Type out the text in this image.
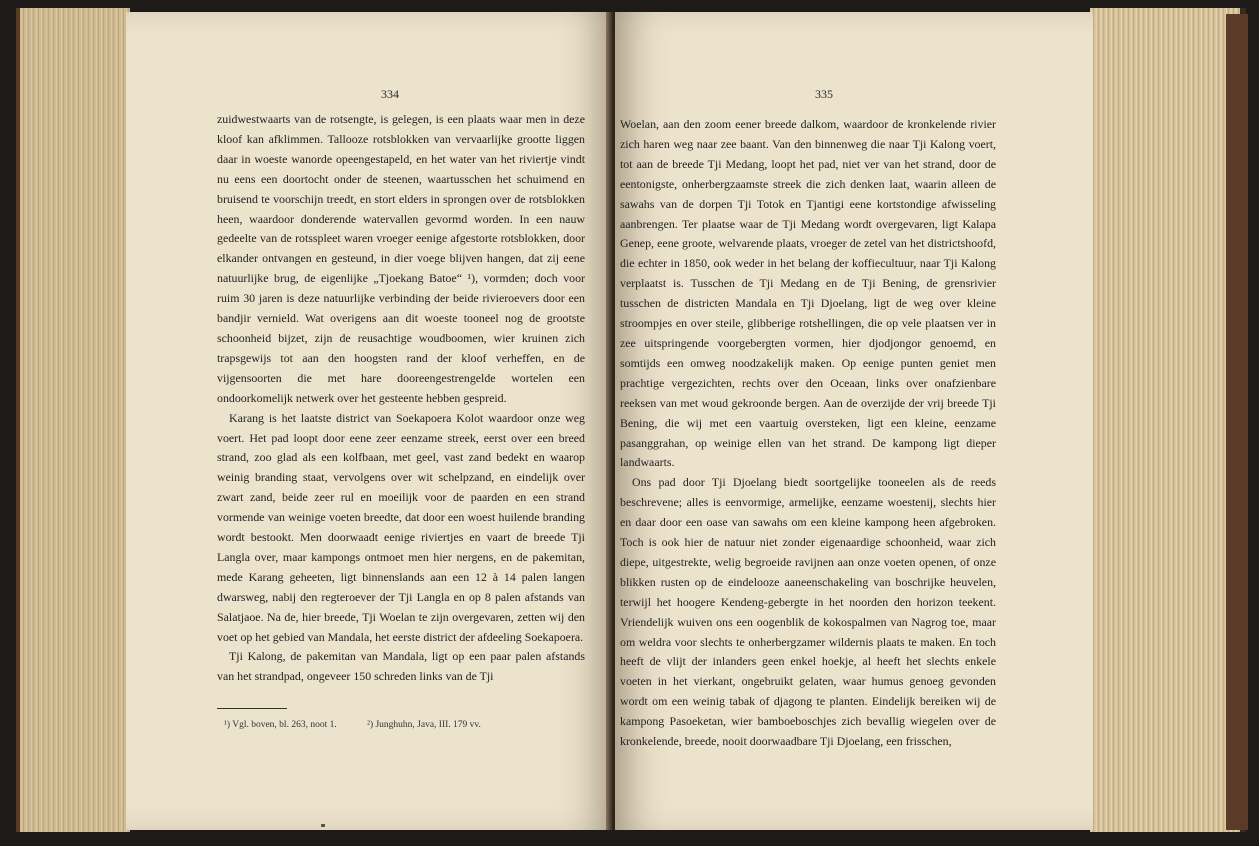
334

zuidwestwaarts van de rotsengte, is gelegen, is een plaats waar men in deze kloof kan afklimmen. Tallooze rotsblokken van vervaarlijke grootte liggen daar in woeste wanorde opeengestapeld, en het water van het riviertje vindt nu eens een doortocht onder de steenen, waartusschen het schuimend en bruisend te voorschijn treedt, en stort elders in sprongen over de rotsblokken heen, waardoor donderende watervallen gevormd worden. In een nauw gedeelte van de rotsspleet waren vroeger eenige afgestorte rotsblokken, door elkander ontvangen en gesteund, in dier voege blijven hangen, dat zij eene natuurlijke brug, de eigenlijke „Tjoekang Batoe“ ¹), vormden; doch voor ruim 30 jaren is deze natuurlijke verbinding der beide rivieroevers door een bandjir vernield. Wat overigens aan dit woeste tooneel nog de grootste schoonheid bijzet, zijn de reusachtige woudboomen, wier kruinen zich trapsgewijs tot aan den hoogsten rand der kloof verheffen, en de vijgensoorten die met hare dooreengestrengelde wortelen een ondoorkomelijk netwerk over het gesteente hebben gespreid.

Karang is het laatste district van Soekapoera Kolot waardoor onze weg voert. Het pad loopt door eene zeer eenzame streek, eerst over een breed strand, zoo glad als een kolfbaan, met geel, vast zand bedekt en waarop weinig branding staat, vervolgens over wit schelpzand, en eindelijk over zwart zand, beide zeer rul en moeilijk voor de paarden en een strand vormende van weinige voeten breedte, dat door een woest huilende branding wordt bestookt. Men doorwaadt eenige riviertjes en vaart de breede Tji Langla over, maar kampongs ontmoet men hier nergens, en de pakemitan, mede Karang geheeten, ligt binnenslands aan een 12 à 14 palen langen dwarsweg, nabij den regteroever der Tji Langla en op 8 palen afstands van Salatjaoe. Na de, hier breede, Tji Woelan te zijn overgevaren, zetten wij den voet op het gebied van Mandala, het eerste district der afdeeling Soekapoera.

Tji Kalong, de pakemitan van Mandala, ligt op een paar palen afstands van het strandpad, ongeveer 150 schreden links van de Tji

¹) Vgl. boven, bl. 263, noot 1.	²) Junghuhn, Java, III. 179 vv.
335

Woelan, aan den zoom eener breede dalkom, waardoor de kronkelende rivier zich haren weg naar zee baant. Van den binnenweg die naar Tji Kalong voert, tot aan de breede Tji Medang, loopt het pad, niet ver van het strand, door de eentonigste, onherbergzaamste streek die zich denken laat, waarin alleen de sawahs van de dorpen Tji Totok en Tjantigi eene kortstondige afwisseling aanbrengen. Ter plaatse waar de Tji Medang wordt overgevaren, ligt Kalapa Genep, eene groote, welvarende plaats, vroeger de zetel van het districtshoofd, die echter in 1850, ook weder in het belang der koffiecultuur, naar Tji Kalong verplaatst is. Tusschen de Tji Medang en de Tji Bening, de grensrivier tusschen de districten Mandala en Tji Djoelang, ligt de weg over kleine stroompjes en over steile, glibberige rotshellingen, die op vele plaatsen ver in zee uitspringende voorgebergten vormen, hier djodjongor genoemd, en somtijds een omweg noodzakelijk maken. Op eenige punten geniet men prachtige vergezichten, rechts over den Oceaan, links over onafzienbare reeksen van met woud gekroonde bergen. Aan de overzijde der vrij breede Tji Bening, die wij met een vaartuig oversteken, ligt een kleine, eenzame pasanggrahan, op weinige ellen van het strand. De kampong ligt dieper landwaarts.

Ons pad door Tji Djoelang biedt soortgelijke tooneelen als de reeds beschrevene; alles is eenvormige, armelijke, eenzame woestenij, slechts hier en daar door een oase van sawahs om een kleine kampong heen afgebroken. Toch is ook hier de natuur niet zonder eigenaardige schoonheid, waar zich diepe, uitgestrekte, welig begroeide ravijnen aan onze voeten openen, of onze blikken rusten op de eindelooze aaneenschakeling van boschrijke heuvelen, terwijl het hoogere Kendeng-gebergte in het noorden den horizon teekent. Vriendelijk wuiven ons een oogenblik de kokospalmen van Nagrog toe, maar om weldra voor slechts te onherbergzamer wildernis plaats te maken. En toch heeft de vlijt der inlanders geen enkel hoekje, al heeft het slechts enkele voeten in het vierkant, ongebruikt gelaten, waar humus genoeg gevonden wordt om een weinig tabak of djagong te planten. Eindelijk bereiken wij de kampong Pasoeketan, wier bamboeboschjes zich bevallig wiegelen over de kronkelende, breede, nooit doorwaadbare Tji Djoelang, een frisschen,
